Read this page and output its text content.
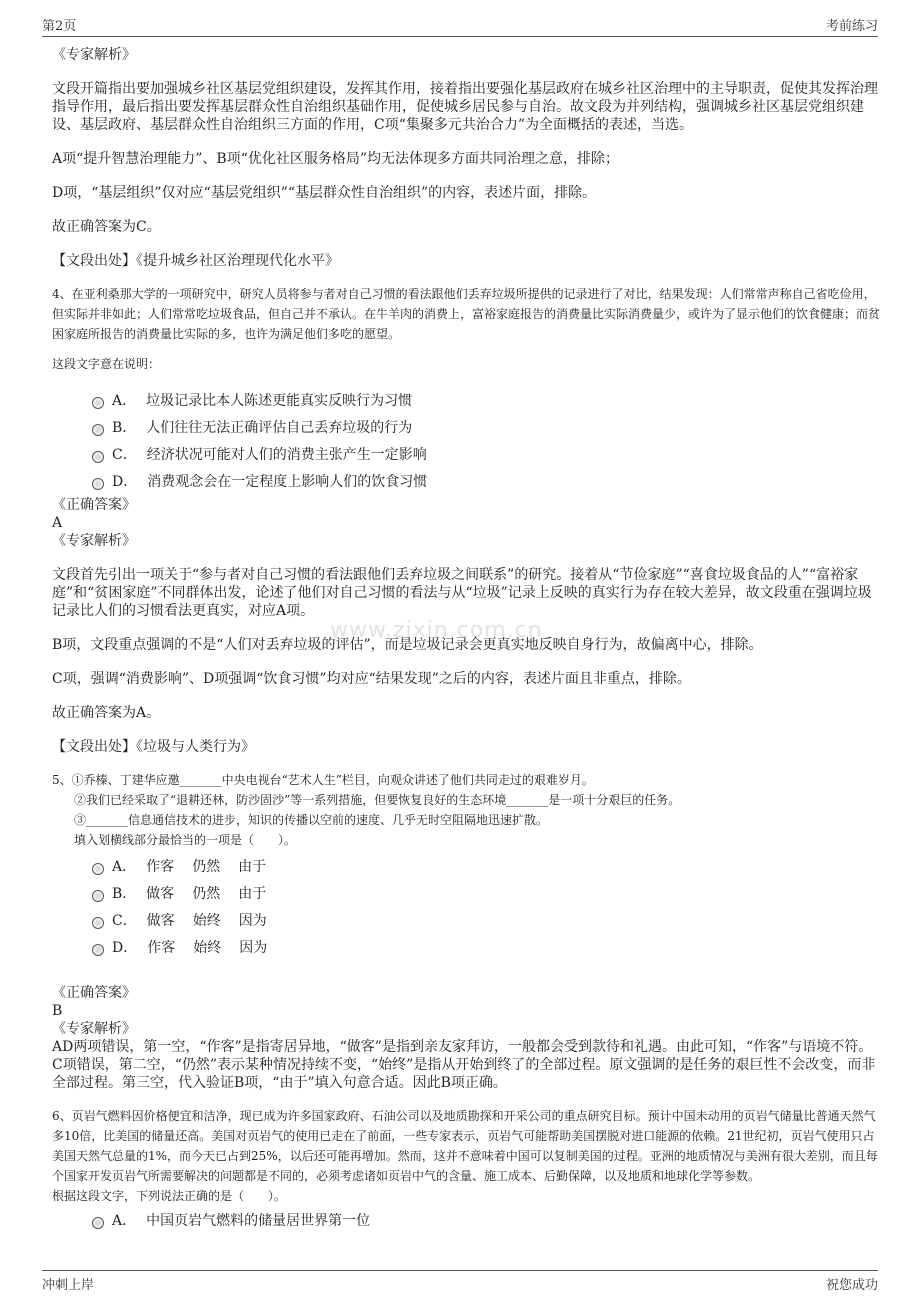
第2页	考前练习
www.zixin.com.cn

《专家解析》

文段开篇指出要加强城乡社区基层党组织建设，发挥其作用，接着指出要强化基层政府在城乡社区治理中的主导职责，促使其发挥治理指导作用，最后指出要发挥基层群众性自治组织基础作用，促使城乡居民参与自治。故文段为并列结构，强调城乡社区基层党组织建设、基层政府、基层群众性自治组织三方面的作用，C项“集聚多元共治合力”为全面概括的表述，当选。

A项“提升智慧治理能力”、B项“优化社区服务格局”均无法体现多方面共同治理之意，排除；

D项，“基层组织”仅对应“基层党组织”“基层群众性自治组织”的内容，表述片面，排除。

故正确答案为C。

【文段出处】《提升城乡社区治理现代化水平》

4、在亚利桑那大学的一项研究中，研究人员将参与者对自己习惯的看法跟他们丢弃垃圾所提供的记录进行了对比，结果发现：人们常常声称自己省吃俭用，但实际并非如此；人们常常吃垃圾食品，但自己并不承认。在牛羊肉的消费上，富裕家庭报告的消费量比实际消费量少，或许为了显示他们的饮食健康；而贫困家庭所报告的消费量比实际的多，也许为满足他们多吃的愿望。

这段文字意在说明：

A． 垃圾记录比本人陈述更能真实反映行为习惯
B． 人们往往无法正确评估自己丢弃垃圾的行为
C． 经济状况可能对人们的消费主张产生一定影响
D． 消费观念会在一定程度上影响人们的饮食习惯

《正确答案》

A

《专家解析》

文段首先引出一项关于“参与者对自己习惯的看法跟他们丢弃垃圾之间联系”的研究。接着从“节俭家庭”“喜食垃圾食品的人”“富裕家庭”和“贫困家庭”不同群体出发，论述了他们对自己习惯的看法与从“垃圾”记录上反映的真实行为存在较大差异，故文段重在强调垃圾记录比人们的习惯看法更真实，对应A项。

B项，文段重点强调的不是“人们对丢弃垃圾的评估”，而是垃圾记录会更真实地反映自身行为，故偏离中心，排除。

C项，强调“消费影响”、D项强调“饮食习惯”均对应“结果发现”之后的内容，表述片面且非重点，排除。

故正确答案为A。

【文段出处】《垃圾与人类行为》

5、①乔榛、丁建华应邀_______中央电视台“艺术人生”栏目，向观众讲述了他们共同走过的艰难岁月。

②我们已经采取了“退耕还林，防沙固沙”等一系列措施，但要恢复良好的生态环境_______是一项十分艰巨的任务。

③_______信息通信技术的进步，知识的传播以空前的速度、几乎无时空阻隔地迅速扩散。

填入划横线部分最恰当的一项是（　　）。

A． 作客 仍然 由于
B． 做客 仍然 由于
C． 做客 始终 因为
D． 作客 始终 因为

《正确答案》

B

《专家解析》

AD两项错误，第一空，“作客”是指寄居异地，“做客”是指到亲友家拜访，一般都会受到款待和礼遇。由此可知，“作客”与语境不符。C项错误，第二空，“仍然”表示某种情况持续不变，“始终”是指从开始到终了的全部过程。原文强调的是任务的艰巨性不会改变，而非全部过程。第三空，代入验证B项，“由于”填入句意合适。因此B项正确。

6、页岩气燃料因价格便宜和洁净，现已成为许多国家政府、石油公司以及地质勘探和开采公司的重点研究目标。预计中国未动用的页岩气储量比普通天然气多10倍，比美国的储量还高。美国对页岩气的使用已走在了前面，一些专家表示，页岩气可能帮助美国摆脱对进口能源的依赖。21世纪初，页岩气使用只占美国天然气总量的1%，而今天已占到25%，以后还可能再增加。然而，这并不意味着中国可以复制美国的过程。亚洲的地质情况与美洲有很大差别，而且每个国家开发页岩气所需要解决的问题都是不同的，必须考虑诸如页岩中气的含量、施工成本、后勤保障，以及地质和地球化学等参数。

根据这段文字，下列说法正确的是（　　）。

A． 中国页岩气燃料的储量居世界第一位
冲刺上岸	祝您成功
